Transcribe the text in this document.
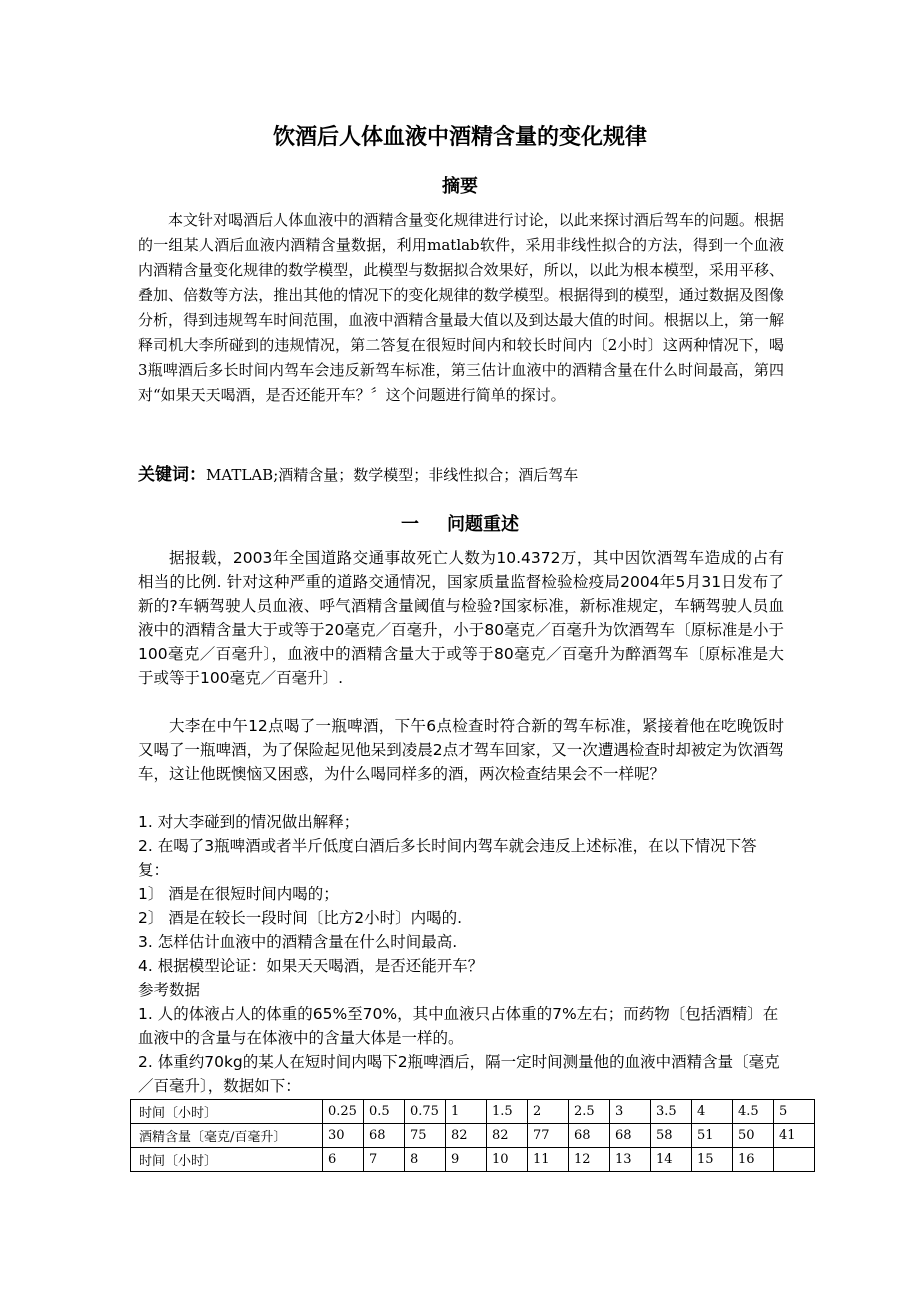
饮酒后人体血液中酒精含量的变化规律
摘要

本文针对喝酒后人体血液中的酒精含量变化规律进行讨论，以此来探讨酒后驾车的问题。根据的一组某人酒后血液内酒精含量数据，利用matlab软件，采用非线性拟合的方法，得到一个血液内酒精含量变化规律的数学模型，此模型与数据拟合效果好，所以，以此为根本模型，采用平移、叠加、倍数等方法，推出其他的情况下的变化规律的数学模型。根据得到的模型，通过数据及图像分析，得到违规驾车时间范围，血液中酒精含量最大值以及到达最大值的时间。根据以上，第一解释司机大李所碰到的违规情况，第二答复在很短时间内和较长时间内〔2小时〕这两种情况下，喝3瓶啤酒后多长时间内驾车会违反新驾车标准，第三估计血液中的酒精含量在什么时间最高，第四对“如果天天喝酒，是否还能开车？〞这个问题进行简单的探讨。

关键词：MATLAB;酒精含量；数学模型；非线性拟合；酒后驾车
一 问题重述

据报载，2003年全国道路交通事故死亡人数为10.4372万，其中因饮酒驾车造成的占有相当的比例. 针对这种严重的道路交通情况，国家质量监督检验检疫局2004年5月31日发布了新的?车辆驾驶人员血液、呼气酒精含量阈值与检验?国家标准，新标准规定，车辆驾驶人员血液中的酒精含量大于或等于20毫克／百毫升，小于80毫克／百毫升为饮酒驾车〔原标准是小于100毫克／百毫升〕，血液中的酒精含量大于或等于80毫克／百毫升为醉酒驾车〔原标准是大于或等于100毫克／百毫升〕.

大李在中午12点喝了一瓶啤酒，下午6点检查时符合新的驾车标准，紧接着他在吃晚饭时又喝了一瓶啤酒，为了保险起见他呆到凌晨2点才驾车回家，又一次遭遇检查时却被定为饮酒驾车，这让他既懊恼又困惑，为什么喝同样多的酒，两次检查结果会不一样呢？

1. 对大李碰到的情况做出解释；
2. 在喝了3瓶啤酒或者半斤低度白酒后多长时间内驾车就会违反上述标准，在以下情况下答复：
1〕 酒是在很短时间内喝的；
2〕 酒是在较长一段时间〔比方2小时〕内喝的.
3. 怎样估计血液中的酒精含量在什么时间最高.
4. 根据模型论证：如果天天喝酒，是否还能开车？
参考数据
1. 人的体液占人的体重的65%至70%，其中血液只占体重的7%左右；而药物〔包括酒精〕在血液中的含量与在体液中的含量大体是一样的。
2. 体重约70kg的某人在短时间内喝下2瓶啤酒后，隔一定时间测量他的血液中酒精含量〔毫克／百毫升〕，数据如下：
时间〔小时〕	0.25	0.5	0.75	1	1.5	2	2.5	3	3.5	4	4.5	5
酒精含量〔毫克/百毫升〕	30	68	75	82	82	77	68	68	58	51	50	41
时间〔小时〕	6	7	8	9	10	11	12	13	14	15	16	
